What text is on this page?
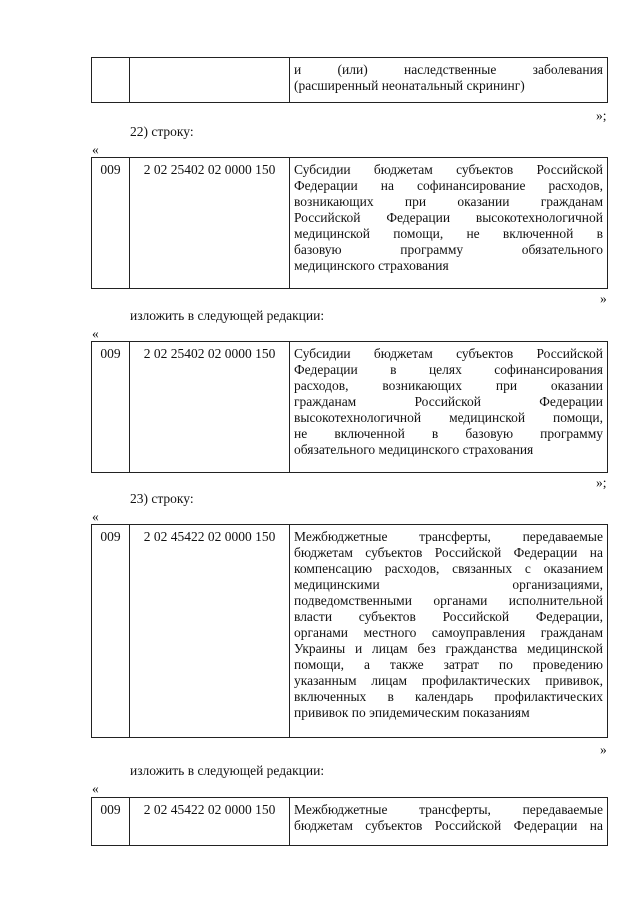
и (или) наследственные заболевания
(расширенный неонатальный скрининг)
»;
22) строку:
«
009	2 02 25402 02 0000 150	Субсидии бюджетам субъектов Российской
Федерации на софинансирование расходов,
возникающих при оказании гражданам
Российской Федерации высокотехнологичной
медицинской помощи, не включенной в
базовую программу обязательного
медицинского страхования
»
изложить в следующей редакции:
«
009	2 02 25402 02 0000 150	Субсидии бюджетам субъектов Российской
Федерации в целях софинансирования
расходов, возникающих при оказании
гражданам Российской Федерации
высокотехнологичной медицинской помощи,
не включенной в базовую программу
обязательного медицинского страхования
»;
23) строку:
«
009	2 02 45422 02 0000 150	Межбюджетные трансферты, передаваемые
бюджетам субъектов Российской Федерации на
компенсацию расходов, связанных с оказанием
медицинскими организациями,
подведомственными органами исполнительной
власти субъектов Российской Федерации,
органами местного самоуправления гражданам
Украины и лицам без гражданства медицинской
помощи, а также затрат по проведению
указанным лицам профилактических прививок,
включенных в календарь профилактических
прививок по эпидемическим показаниям
»
изложить в следующей редакции:
«
009	2 02 45422 02 0000 150	Межбюджетные трансферты, передаваемые
бюджетам субъектов Российской Федерации на
